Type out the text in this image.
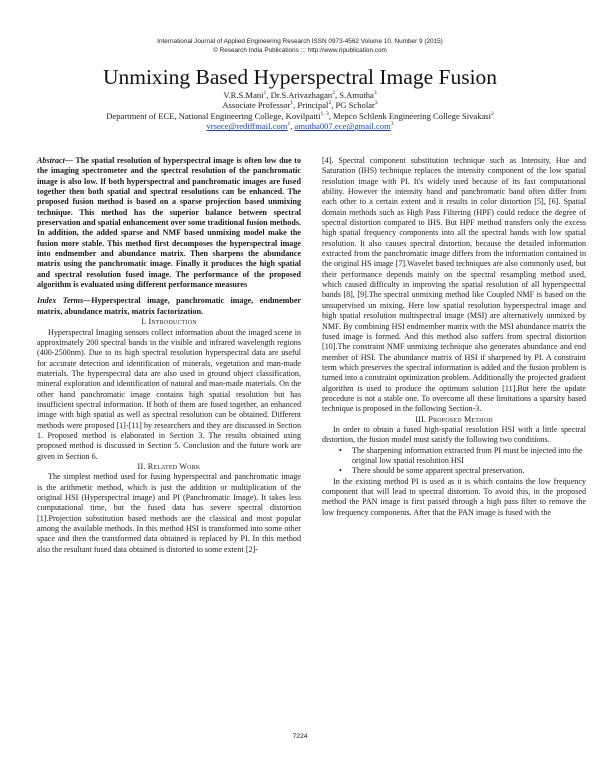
International Journal of Applied Engineering Research ISSN 0973-4562 Volume 10, Number 9 (2015)
© Research India Publications ::: http://www.ripublication.com
Unmixing Based Hyperspectral Image Fusion
V.R.S.Mani$^1$, Dr.S.Arivazhagan$^2$, S.Amutha$^3$
Associate Professor$^1$, Principal$^2$, PG Scholar$^3$
Department of ECE, National Engineering College, Kovilpatti$^{1, 3}$, Mepco Schlenk Engineering College Sivakasi$^2$
vrsece@rediffmail.com$^1$, amutha007.ece@gmail.com$^3$

Abstract— The spatial resolution of hyperspectral image is often low due to the imaging spectrometer and the spectral resolution of the panchromatic image is also low. If both hyperspectral and panchromatic images are fused together then both spatial and spectral resolutions can be enhanced. The proposed fusion method is based on a sparse projection based unmixing technique. This method has the superior balance between spectral preservation and spatial enhancement over some traditional fusion methods. In addition, the added sparse and NMF based unmixing model make the fusion more stable. This method first decomposes the hyperspectral image into endmember and abundance matrix. Then sharpens the abundance matrix using the panchromatic image. Finally it produces the high spatial and spectral resolution fused image. The performance of the proposed algorithm is evaluated using different performance measures

Index Terms—Hyperspectral image, panchromatic image, endmember matrix, abundance matrix, matrix factorization.

I. Introduction

Hyperspectral Imaging sensors collect information about the imaged scene in approximately 200 spectral bands in the visible and infrared wavelength regions (400-2500nm). Due to its high spectral resolution hyperspectral data are useful for accurate detection and identification of minerals, vegetation and man-made materials. The hyperspectral data are also used in ground object classification, mineral exploration and identification of natural and man-made materials. On the other hand panchromatic image contains high spatial resolution but has insufficient spectral information. If both of them are fused together, an enhanced image with high spatial as well as spectral resolution can be obtained. Different methods were proposed [1]-[11] by researchers and they are discussed in Section 1. Proposed method is elaborated in Section 3. The results obtained using proposed method is discussed in Section 5. Conclusion and the future work are given in Section 6.

II. Related Work

The simplest method used for fusing hyperspectral and panchromatic image is the arithmetic method, which is just the addition or multiplication of the original HSI (Hyperspectral image) and PI (Panchromatic Image). It takes less computational time, but the fused data has severe spectral distortion [1].Projection substitution based methods are the classical and most popular among the available methods. In this method HSI is transformed into some other space and then the transformed data obtained is replaced by PI. In this method also the resultant fused data obtained is distorted to some extent [2]-

[4]. Spectral component substitution technique such as Intensity, Hue and Saturation (IHS) technique replaces the intensity component of the low spatial resolution image with PI. It's widely used because of its fast computational ability. However the intensity band and panchromatic band often differ from each other to a certain extent and it results in color distortion [5], [6]. Spatial domain methods such as High Pass Filtering (HPF) could reduce the degree of spectral distortion compared to IHS. But HPF method transfers only the excess high spatial frequency components into all the spectral bands with low spatial resolution. It also causes spectral distortion, because the detailed information extracted from the panchromatic image differs from the information contained in the original HS image [7].Wavelet based techniques are also commonly used, but their performance depends mainly on the spectral resampling method used, which caused difficulty in improving the spatial resolution of all hyperspectral bands [8], [9].The spectral unmixing method like Coupled NMF is based on the unsupervised un mixing. Here low spatial resolution hyperspectral image and high spatial resolution multispectral image (MSI) are alternatively unmixed by NMF. By combining HSI endmember matrix with the MSI abundance matrix the fused image is formed. And this method also suffers from spectral distortion [10].The constraint NMF unmixing technique also generates abundance and end member of HSI. The abundance matrix of HSI if sharpened by PI. A constraint term which preserves the spectral information is added and the fusion problem is turned into a constraint optimization problem. Additionally the projected gradient algorithm is used to produce the optimum solution [11].But here the update procedure is not a stable one. To overcome all these limitations a sparsity based technique is proposed in the following Section-3.

III. Proposed Method

In order to obtain a fused high-spatial resolution HSI with a little spectral distortion, the fusion model must satisfy the following two conditions.

• The sharpening information extracted from PI must be injected into the original low spatial resolution HSI
• There should be some apparent spectral preservation.

In the existing method PI is used as it is which contains the low frequency component that will lead to spectral distortion. To avoid this, in the proposed method the PAN image is first passed through a high pass filter to remove the low frequency components. After that the PAN image is fused with the

7224
